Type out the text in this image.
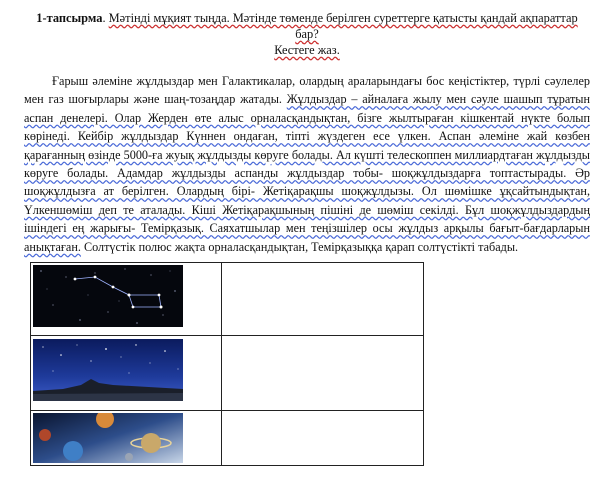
1-тапсырма. Мәтінді мұқият тыңда. Мәтінде төменде берілген суреттерге қатысты қандай ақпараттар бар?
Кестеге жаз.

Ғарыш әлеміне жұлдыздар мен Галактикалар, олардың араларындағы бос кеңістіктер, түрлі сәулелер мен газ шоғырлары және шаң-тозаңдар жатады. Жұлдыздар – айналаға жылу мен сәуле шашып тұратын аспан денелері. Олар Жерден өте алыс орналасқандықтан, бізге жылтыраған кішкентай нүкте болып көрінеді. Кейбір жұлдыздар Күннен ондаған, тіпті жүздеген есе үлкен. Аспан әлеміне жай көзбен қарағанның өзінде 5000-ға жуық жұлдызды көруге болады. Ал күшті телескоппен миллиардтаған жұлдызды көруге болады. Адамдар жұлдызды аспанды жұлдыздар тобы- шоқжұлдыздарға топтастырады. Әр шоқжұлдызға ат берілген. Олардың бірі- Жетіқарақшы шоқжұлдызы. Ол шөмішке ұқсайтындықтан, Үлкеншөміш деп те аталады. Кіші Жетіқарақшының пішіні де шөміш секілді. Бұл шоқжұлдыздардың ішіндегі ең жарығы- Темірқазық. Саяхатшылар мен теңізшілер осы жұлдыз арқылы бағыт-бағдарларын анықтаған. Солтүстік полюс жақта орналасқандықтан, Темірқазыққа қарап солтүстікті табады.
